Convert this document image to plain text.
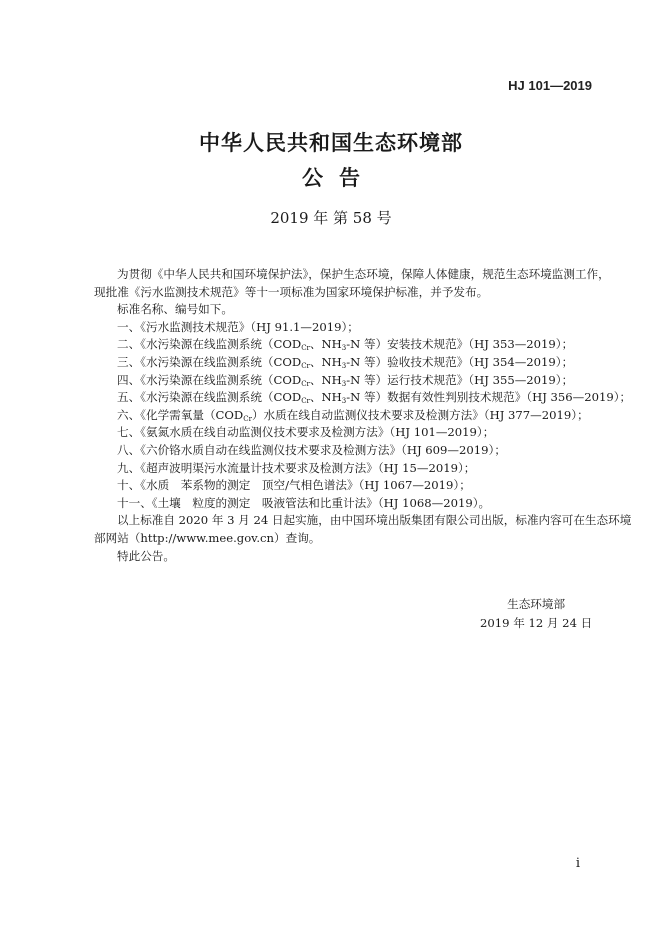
HJ 101—2019
中华人民共和国生态环境部
公告
2019 年 第 58 号

为贯彻《中华人民共和国环境保护法》，保护生态环境，保障人体健康，规范生态环境监测工作，

现批准《污水监测技术规范》等十一项标准为国家环境保护标准，并予发布。

标准名称、编号如下。

一、《污水监测技术规范》（HJ 91.1—2019）；

二、《水污染源在线监测系统（$COD_{Cr}$、$NH_3-N$ 等）安装技术规范》（HJ 353—2019）；

三、《水污染源在线监测系统（$COD_{Cr}$、$NH_3-N$ 等）验收技术规范》（HJ 354—2019）；

四、《水污染源在线监测系统（$COD_{Cr}$、$NH_3-N$ 等）运行技术规范》（HJ 355—2019）；

五、《水污染源在线监测系统（$COD_{Cr}$、$NH_3-N$ 等）数据有效性判别技术规范》（HJ 356—2019）；

六、《化学需氧量$(COD_{Cr})$水质在线自动监测仪技术要求及检测方法》（HJ 377—2019）；

七、《氨氮水质在线自动监测仪技术要求及检测方法》（HJ 101—2019）；

八、《六价铬水质自动在线监测仪技术要求及检测方法》（HJ 609—2019）；

九、《超声波明渠污水流量计技术要求及检测方法》（HJ 15—2019）；

十、《水质　苯系物的测定　顶空/气相色谱法》（HJ 1067—2019）；

十一、《土壤　粒度的测定　吸液管法和比重计法》（HJ 1068—2019）。

以上标准自 2020 年 3 月 24 日起实施，由中国环境出版集团有限公司出版，标准内容可在生态环境

部网站（http://www.mee.gov.cn）查询。

特此公告。

生态环境部
2019 年 12 月 24 日
i
